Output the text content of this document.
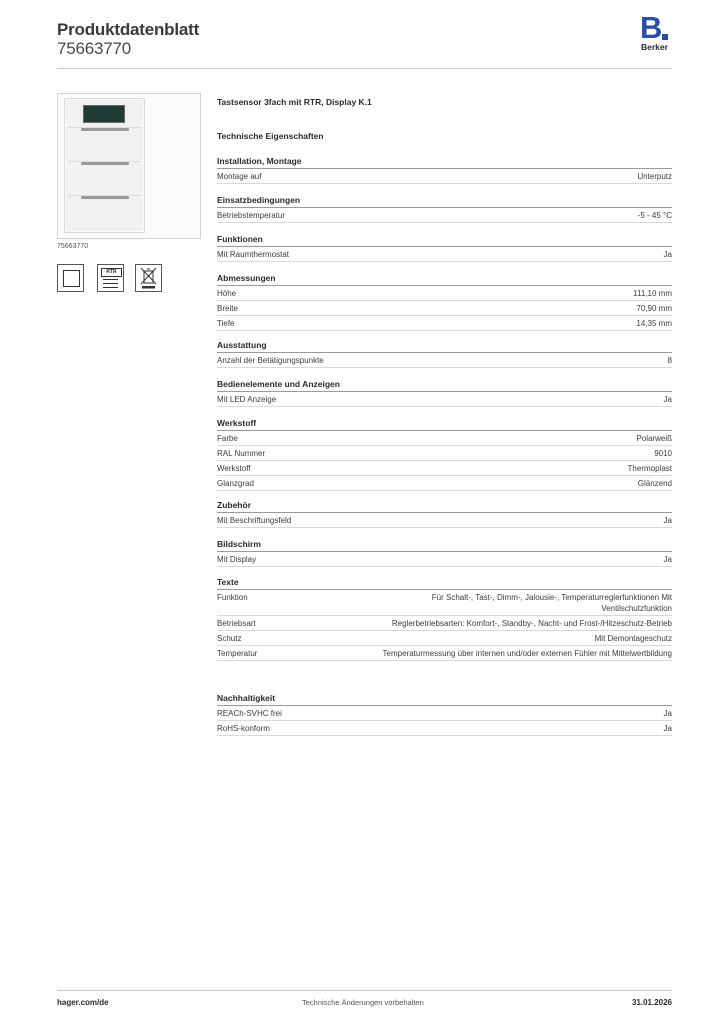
Produktdatenblatt
75663770
B
Berker
75663770
RTR
Tastsensor 3fach mit RTR, Display K.1
Technische Eigenschaften
Installation, Montage
Montage auf	Unterputz
Einsatzbedingungen
Betriebstemperatur	-5 - 45 °C
Funktionen
Mit Raumthermostat	Ja
Abmessungen
Höhe	111,10 mm
Breite	70,90 mm
Tiefe	14,35 mm
Ausstattung
Anzahl der Betätigungspunkte	8
Bedienelemente und Anzeigen
Mit LED Anzeige	Ja
Werkstoff
Farbe	Polarweiß
RAL Nummer	9010
Werkstoff	Thermoplast
Glanzgrad	Glänzend
Zubehör
Mit Beschriftungsfeld	Ja
Bildschirm
Mit Display	Ja
Texte
Funktion	Für Schalt-, Tast-, Dimm-, Jalousie-, Temperaturreglerfunktionen Mit Ventilschutzfunktion
Betriebsart	Reglerbetriebsarten: Komfort-, Standby-, Nacht- und Frost-/Hitzeschutz-Betrieb
Schutz	Mit Demontageschutz
Temperatur	Temperaturmessung über internen und/oder externen Fühler mit Mittelwertbildung
Nachhaltigkeit
REACh-SVHC frei	Ja
RoHS-konform	Ja
hager.com/de	Technische Änderungen vorbehalten	31.01.2026
